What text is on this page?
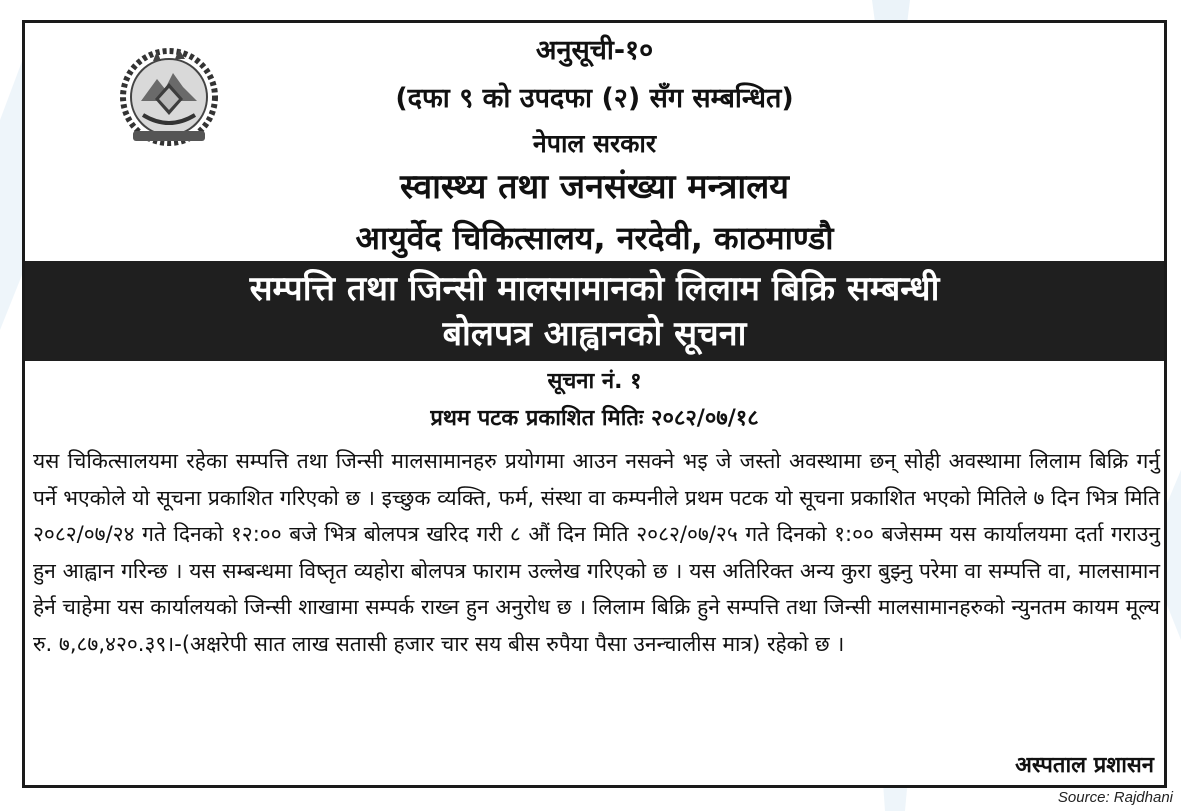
अनुसूची-१०
(दफा ९ को उपदफा (२) सँग सम्बन्धित)
नेपाल सरकार
स्वास्थ्य तथा जनसंख्या मन्त्रालय
आयुर्वेद चिकित्सालय, नरदेवी, काठमाण्डौ
सम्पत्ति तथा जिन्सी मालसामानको लिलाम बिक्रि सम्बन्धी
बोलपत्र आह्वानको सूचना
सूचना नं. १
प्रथम पटक प्रकाशित मितिः २०८२/०७/१८

यस चिकित्सालयमा रहेका सम्पत्ति तथा जिन्सी मालसामानहरु प्रयोगमा आउन नसक्ने भइ जे जस्तो अवस्थामा छन् सोही अवस्थामा लिलाम बिक्रि गर्नु पर्ने भएकोले यो सूचना प्रकाशित गरिएको छ । इच्छुक व्यक्ति, फर्म, संस्था वा कम्पनीले प्रथम पटक यो सूचना प्रकाशित भएको मितिले ७ दिन भित्र मिति २०८२/०७/२४ गते दिनको १२:०० बजे भित्र बोलपत्र खरिद गरी ८ औं दिन मिति २०८२/०७/२५ गते दिनको १:०० बजेसम्म यस कार्यालयमा दर्ता गराउनु हुन आह्वान गरिन्छ । यस सम्बन्धमा विष्तृत व्यहोरा बोलपत्र फाराम उल्लेख गरिएको छ । यस अतिरिक्त अन्य कुरा बुझ्नु परेमा वा सम्पत्ति वा, मालसामान हेर्न चाहेमा यस कार्यालयको जिन्सी शाखामा सम्पर्क राख्न हुन अनुरोध छ । लिलाम बिक्रि हुने सम्पत्ति तथा जिन्सी मालसामानहरुको न्युनतम कायम मूल्य रु. ७,८७,४२०.३९।-(अक्षरेपी सात लाख सतासी हजार चार सय बीस रुपैया पैसा उनन्चालीस मात्र) रहेको छ ।

अस्पताल प्रशासन
Source: Rajdhani
